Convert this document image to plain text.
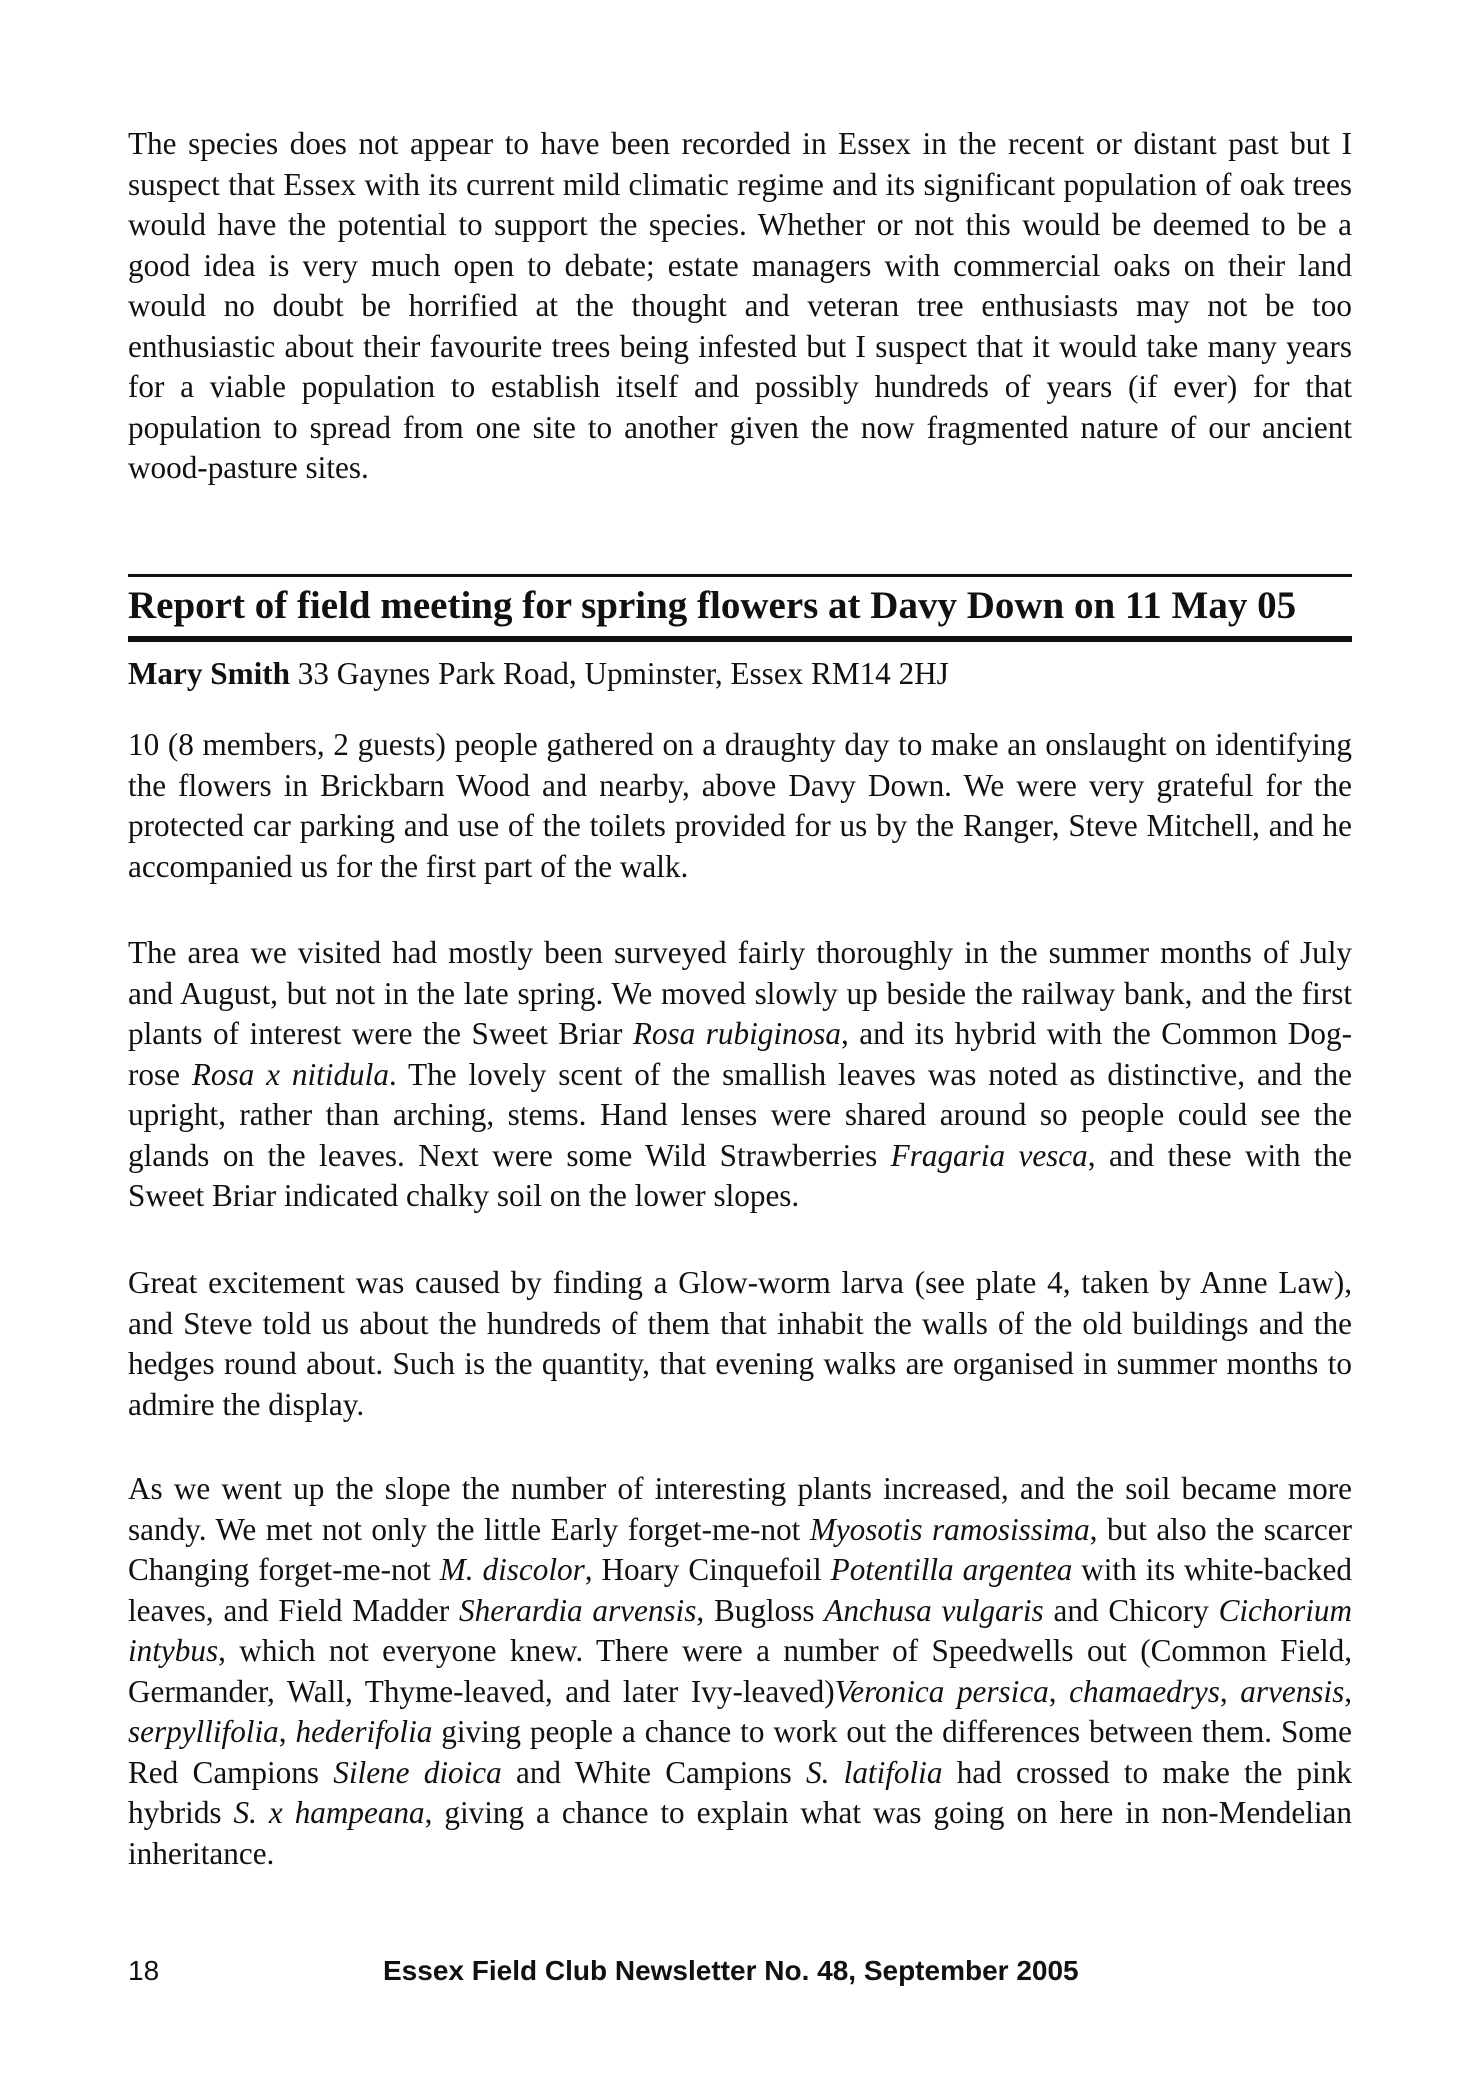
The species does not appear to have been recorded in Essex in the recent or distant past but I suspect that Essex with its current mild climatic regime and its significant population of oak trees would have the potential to support the species. Whether or not this would be deemed to be a good idea is very much open to debate; estate managers with commercial oaks on their land would no doubt be horrified at the thought and veteran tree enthusiasts may not be too enthusiastic about their favourite trees being infested but I suspect that it would take many years for a viable population to establish itself and possibly hundreds of years (if ever) for that population to spread from one site to another given the now fragmented nature of our ancient wood-pasture sites.

Report of field meeting for spring flowers at Davy Down on 11 May 05
Mary Smith 33 Gaynes Park Road, Upminster, Essex RM14 2HJ

10 (8 members, 2 guests) people gathered on a draughty day to make an onslaught on identifying the flowers in Brickbarn Wood and nearby, above Davy Down. We were very grateful for the protected car parking and use of the toilets provided for us by the Ranger, Steve Mitchell, and he accompanied us for the first part of the walk.

The area we visited had mostly been surveyed fairly thoroughly in the summer months of July and August, but not in the late spring. We moved slowly up beside the railway bank, and the first plants of interest were the Sweet Briar Rosa rubiginosa, and its hybrid with the Common Dog-rose Rosa x nitidula. The lovely scent of the smallish leaves was noted as distinctive, and the upright, rather than arching, stems. Hand lenses were shared around so people could see the glands on the leaves. Next were some Wild Strawberries Fragaria vesca, and these with the Sweet Briar indicated chalky soil on the lower slopes.

Great excitement was caused by finding a Glow-worm larva (see plate 4, taken by Anne Law), and Steve told us about the hundreds of them that inhabit the walls of the old buildings and the hedges round about. Such is the quantity, that evening walks are organised in summer months to admire the display.

As we went up the slope the number of interesting plants increased, and the soil became more sandy. We met not only the little Early forget-me-not Myosotis ramosissima, but also the scarcer Changing forget-me-not M. discolor, Hoary Cinquefoil Potentilla argentea with its white-backed leaves, and Field Madder Sherardia arvensis, Bugloss Anchusa vulgaris and Chicory Cichorium intybus, which not everyone knew. There were a number of Speedwells out (Common Field, Germander, Wall, Thyme-leaved, and later Ivy-leaved)Veronica persica, chamaedrys, arvensis, serpyllifolia, hederifolia giving people a chance to work out the differences between them. Some Red Campions Silene dioica and White Campions S. latifolia had crossed to make the pink hybrids S. x hampeana, giving a chance to explain what was going on here in non-Mendelian inheritance.

18	Essex Field Club Newsletter No. 48, September 2005
